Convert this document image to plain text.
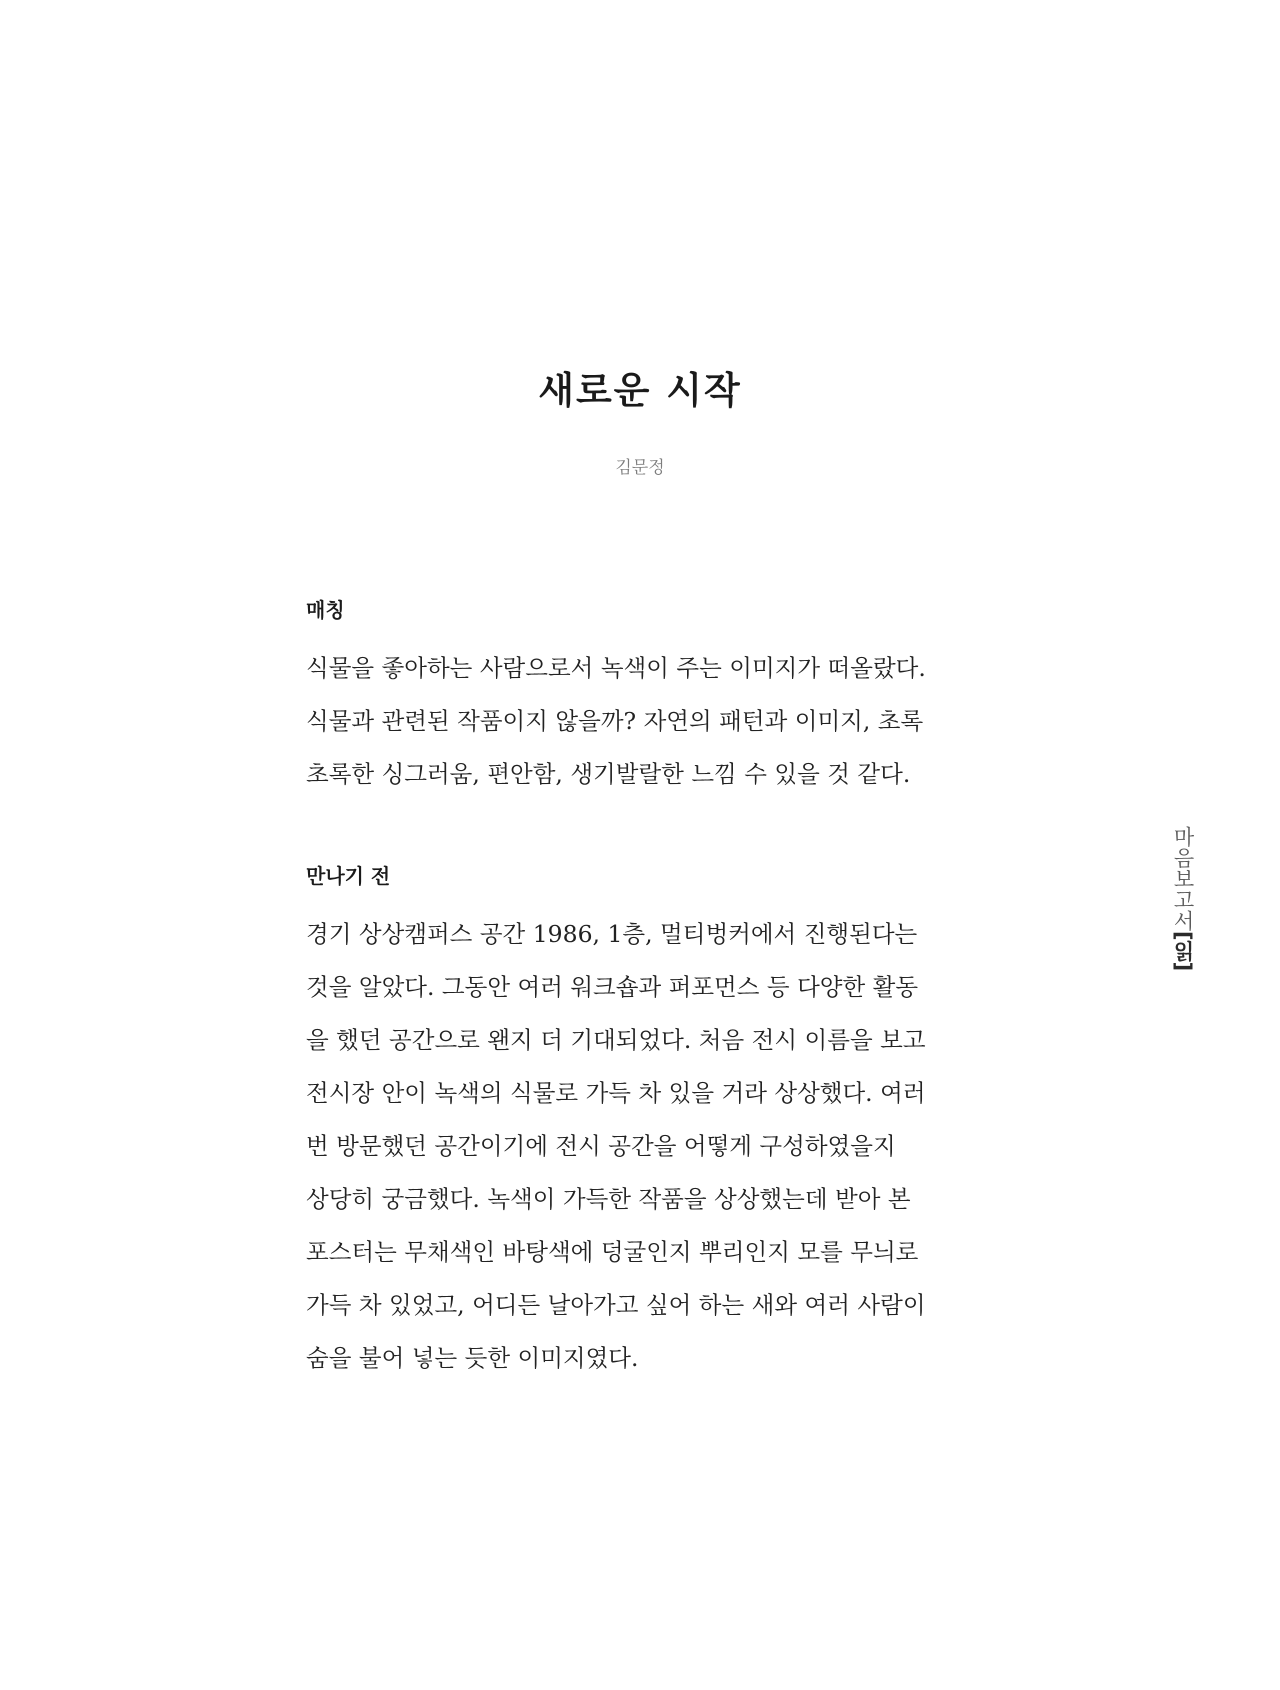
새로운 시작

김문정

매칭

식물을 좋아하는 사람으로서 녹색이 주는 이미지가 떠올랐다.
식물과 관련된 작품이지 않을까? 자연의 패턴과 이미지, 초록
초록한 싱그러움, 편안함, 생기발랄한 느낌 수 있을 것 같다.

만나기 전

경기 상상캠퍼스 공간 1986, 1층, 멀티벙커에서 진행된다는
것을 알았다. 그동안 여러 워크숍과 퍼포먼스 등 다양한 활동
을 했던 공간으로 왠지 더 기대되었다. 처음 전시 이름을 보고
전시장 안이 녹색의 식물로 가득 차 있을 거라 상상했다. 여러
번 방문했던 공간이기에 전시 공간을 어떻게 구성하였을지
상당히 궁금했다. 녹색이 가득한 작품을 상상했는데 받아 본
포스터는 무채색인 바탕색에 덩굴인지 뿌리인지 모를 무늬로
가득 차 있었고, 어디든 날아가고 싶어 하는 새와 여러 사람이
숨을 불어 넣는 듯한 이미지였다.

마음보고서[읽]
